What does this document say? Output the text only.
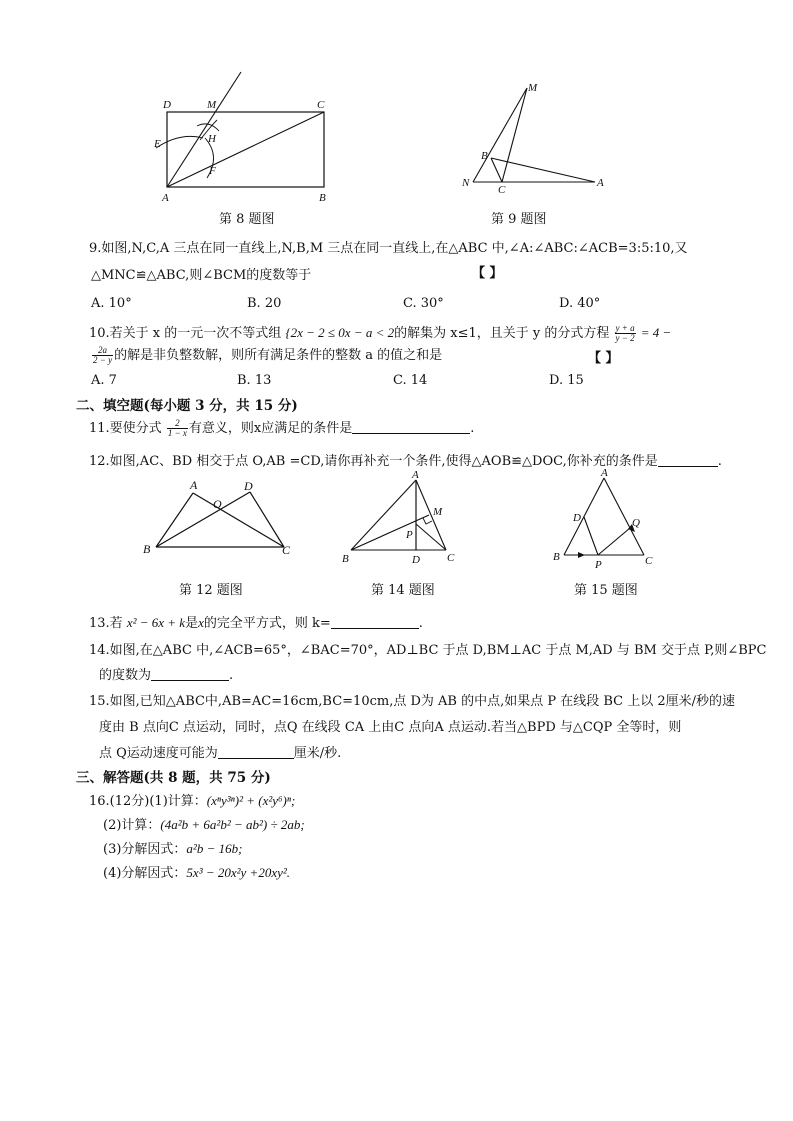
D	M	C
E	H
F
A	B
第 8 题图
M
B
N
C
A
第 9 题图
9.如图,N,C,A 三点在同一直线上,N,B,M 三点在同一直线上,在△ABC 中,∠A:∠ABC:∠ACB=3:5:10,又
△MNC≌△ABC,则∠BCM的度数等于	【 】
A. 10°	B. 20	C. 30°	D. 40°
10.若关于 x 的一元一次不等式组 {2x − 2 ≤ 0x − a < 2的解集为 x≤1，且关于 y 的分式方程 $\frac{y + a}{y - 2} = 4$ −
$\frac{2a}{2 - y}$ 的解是非负整数解，则所有满足条件的整数 a 的值之和是	【 】
A. 7	B. 13	C. 14	D. 15
二、填空题(每小题 3 分，共 15 分)
11.要使分式 $\frac{2}{1 - x}$ 有意义，则x应满足的条件是	.
12.如图,AC、BD 相交于点 O,AB =CD,请你再补充一个条件,使得△AOB≌△DOC,你补充的条件是	.
A	D
O
B	C
第 12 题图
A
M
P
B	D C
第 14 题图
A
D	Q
B
P	C
第 15 题图
13.若 x² − 6x + k是x的完全平方式，则 k=	.
14.如图,在△ABC 中,∠ACB=65°，∠BAC=70°，AD⊥BC 于点 D,BM⊥AC 于点 M,AD 与 BM 交于点 P,则∠BPC
的度数为	.
15.如图,已知△ABC中,AB=AC=16cm,BC=10cm,点 D为 AB 的中点,如果点 P 在线段 BC 上以 2厘米/秒的速
度由 B 点向C 点运动，同时，点Q 在线段 CA 上由C 点向A 点运动.若当△BPD 与△CQP 全等时，则
点 Q运动速度可能为	厘米/秒.
三、解答题(共 8 题，共 75 分)
16.(12分)(1)计算：(xⁿy³ⁿ)² + (x²y⁶)ⁿ;
(2)计算：(4a²b + 6a²b² − ab²) ÷ 2ab;
(3)分解因式：a²b − 16b;
(4)分解因式：5x³ − 20x²y +20xy².
